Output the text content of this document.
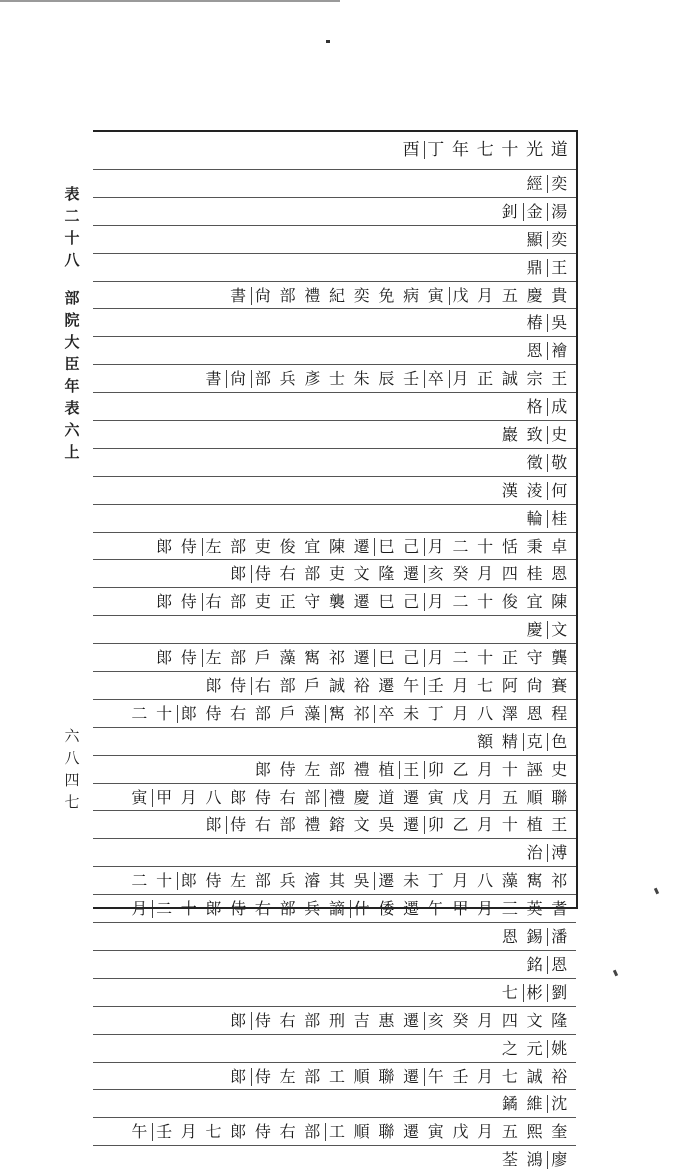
表二十八
部院大臣年表六上
六八四七
酉 丁 年 七 十 光 道
經 奕
釗 金 湯
顯 奕
鼎 王
書 尙 部 禮 紀 奕 免 病 寅 戊 月 五 慶 貴
椿 吳
恩 襘
書 尙 部 兵 彥 士 朱 辰 壬 卒 月 正 誠 宗 王
格 成
巖 致 史
徵 敬
漢 淩 何
輪 桂
郞 侍 左 部 吏 俊 宜 陳 遷 巳 己 月 二 十 恬 秉 卓
郞 侍 右 部 吏 文 隆 遷 亥 癸 月 四 桂 恩
郞 侍 右 部 吏 正 守 襲 遷 巳 己 月 二 十 俊 宜 陳
慶 文
郞 侍 左 部 戶 藻 寯 祁 遷 巳 己 月 二 十 正 守 龔
郞 侍 右 部 戶 誠 裕 遷 午 壬 月 七 阿 尙 賽
二 十 郞 侍 右 部 戶 藻 寯 祁 卒 未 丁 月 八 澤 恩 程
額 精 克 色
郞 侍 左 部 禮 植 王 卯 乙 月 十 誣 史
寅 甲 月 八 郞 侍 右 部 禮 慶 道 遷 寅 戊 月 五 順 聯
郞 侍 右 部 禮 鎔 文 吳 遷 卯 乙 月 十 植 王
治 溥
二 十 郞 侍 左 部 兵 濬 其 吳 遷 未 丁 月 八 藻 寯 祁
恩 錫 潘
銘 恩
七 彬 劉
郞 侍 右 部 刑 吉 惠 遷 亥 癸 月 四 文 隆
之 元 姚
郞 侍 左 部 工 順 聯 遷 午 壬 月 七 誠 裕
鐍 維 沈
午 壬 月 七 郞 侍 右 部 工 順 聯 遷 寅 戊 月 五 熙 奎
荃 鴻 廖
